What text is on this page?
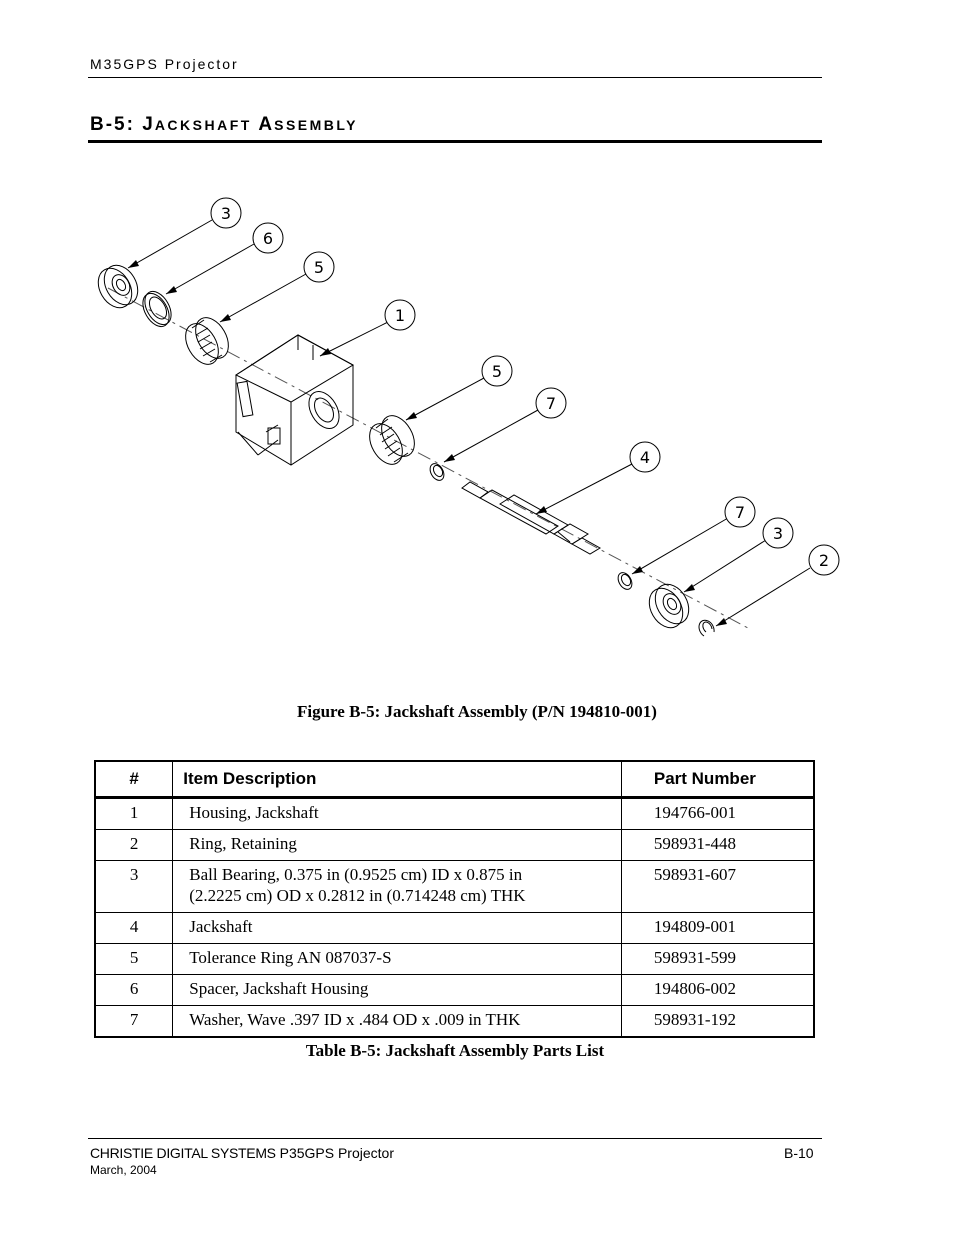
M35GPS Projector
B-5: JACKSHAFT ASSEMBLY
3
6
5
1
5
7
4
7
3
2
Figure B-5: Jackshaft Assembly (P/N 194810-001)
#	Item Description	Part Number
1	Housing, Jackshaft	194766-001
2	Ring, Retaining	598931-448
3	Ball Bearing, 0.375 in (0.9525 cm) ID x 0.875 in
(2.2225 cm) OD x 0.2812 in (0.714248 cm) THK	598931-607
4	Jackshaft	194809-001
5	Tolerance Ring AN 087037-S	598931-599
6	Spacer, Jackshaft Housing	194806-002
7	Washer, Wave .397 ID x .484 OD x .009 in THK	598931-192
Table B-5: Jackshaft Assembly Parts List
CHRISTIE DIGITAL SYSTEMS P35GPS Projector
March, 2004
B-10
